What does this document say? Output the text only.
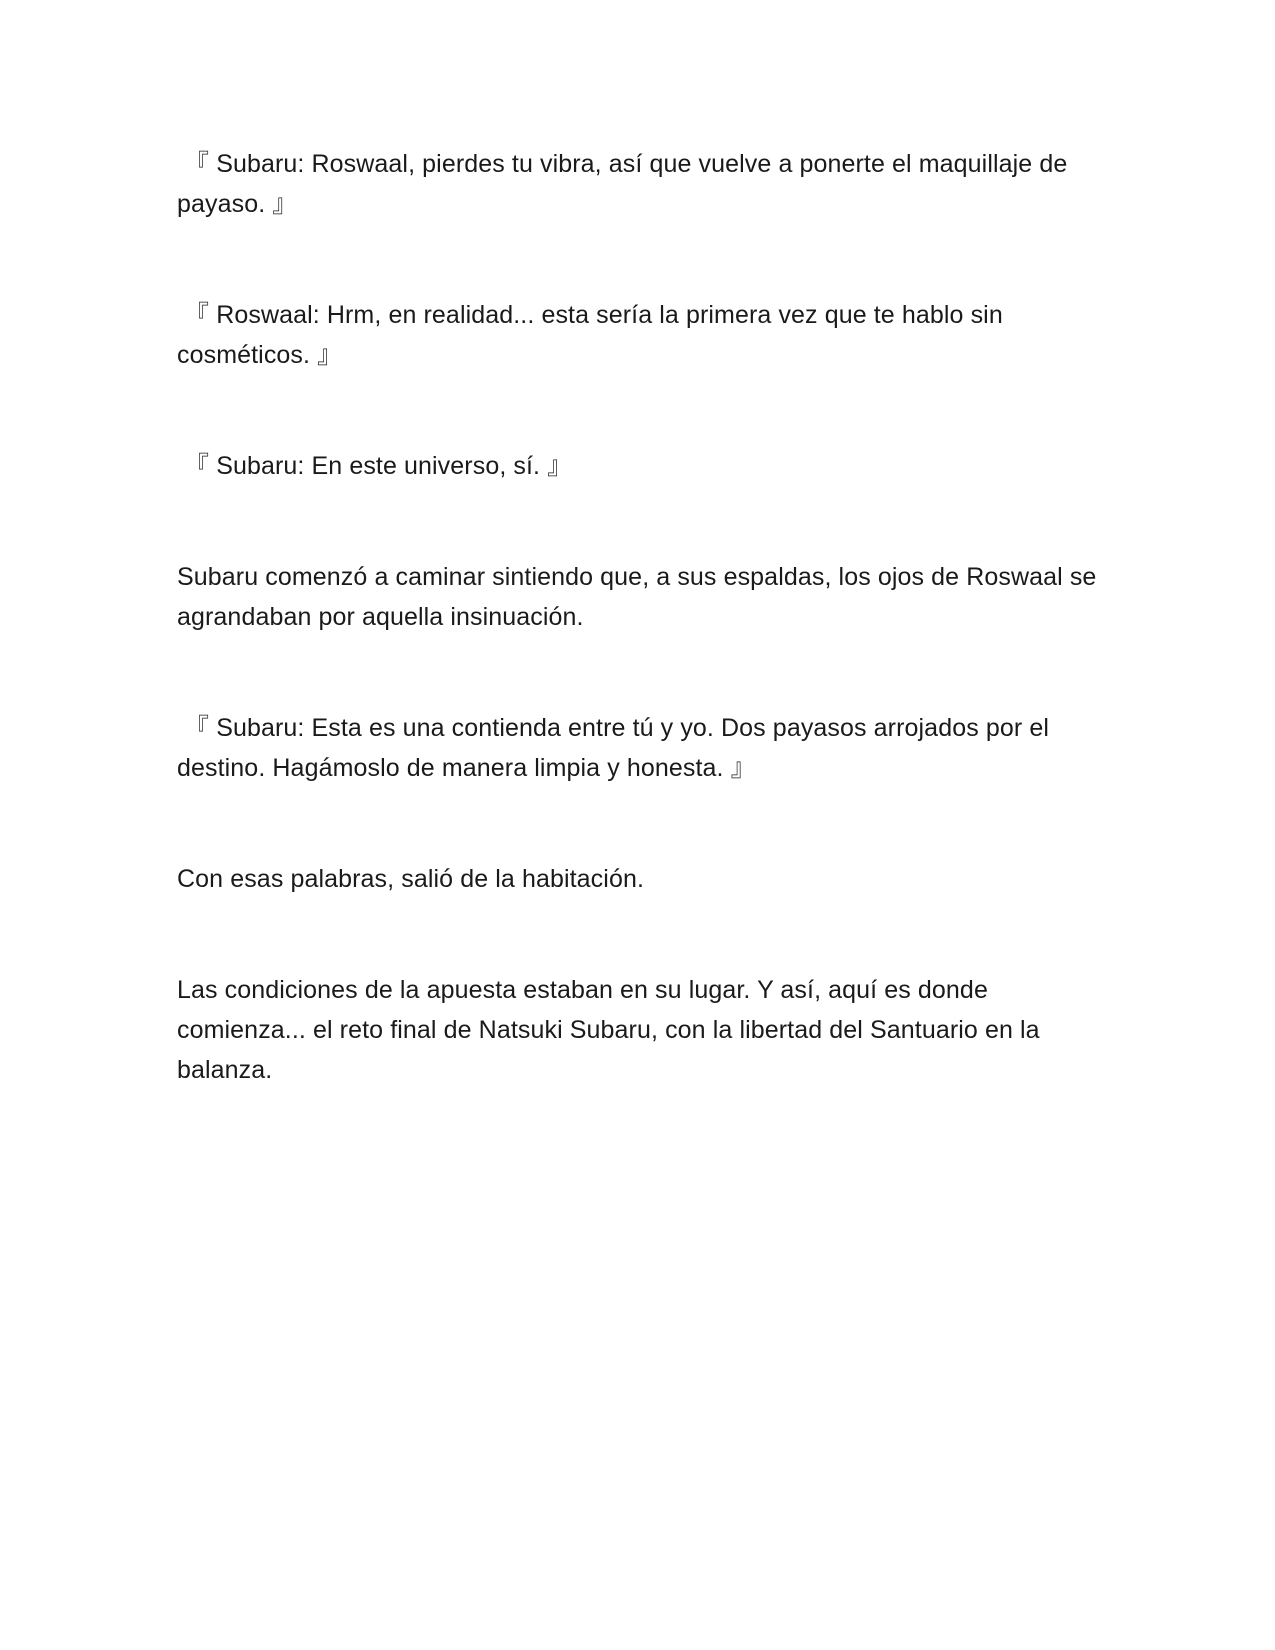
『 Subaru: Roswaal, pierdes tu vibra, así que vuelve a ponerte el maquillaje de payaso. 』

『 Roswaal: Hrm, en realidad... esta sería la primera vez que te hablo sin cosméticos. 』

『 Subaru: En este universo, sí. 』

Subaru comenzó a caminar sintiendo que, a sus espaldas, los ojos de Roswaal se agrandaban por aquella insinuación.

『 Subaru: Esta es una contienda entre tú y yo. Dos payasos arrojados por el destino. Hagámoslo de manera limpia y honesta. 』

Con esas palabras, salió de la habitación.

Las condiciones de la apuesta estaban en su lugar. Y así, aquí es donde comienza... el reto final de Natsuki Subaru, con la libertad del Santuario en la balanza.
